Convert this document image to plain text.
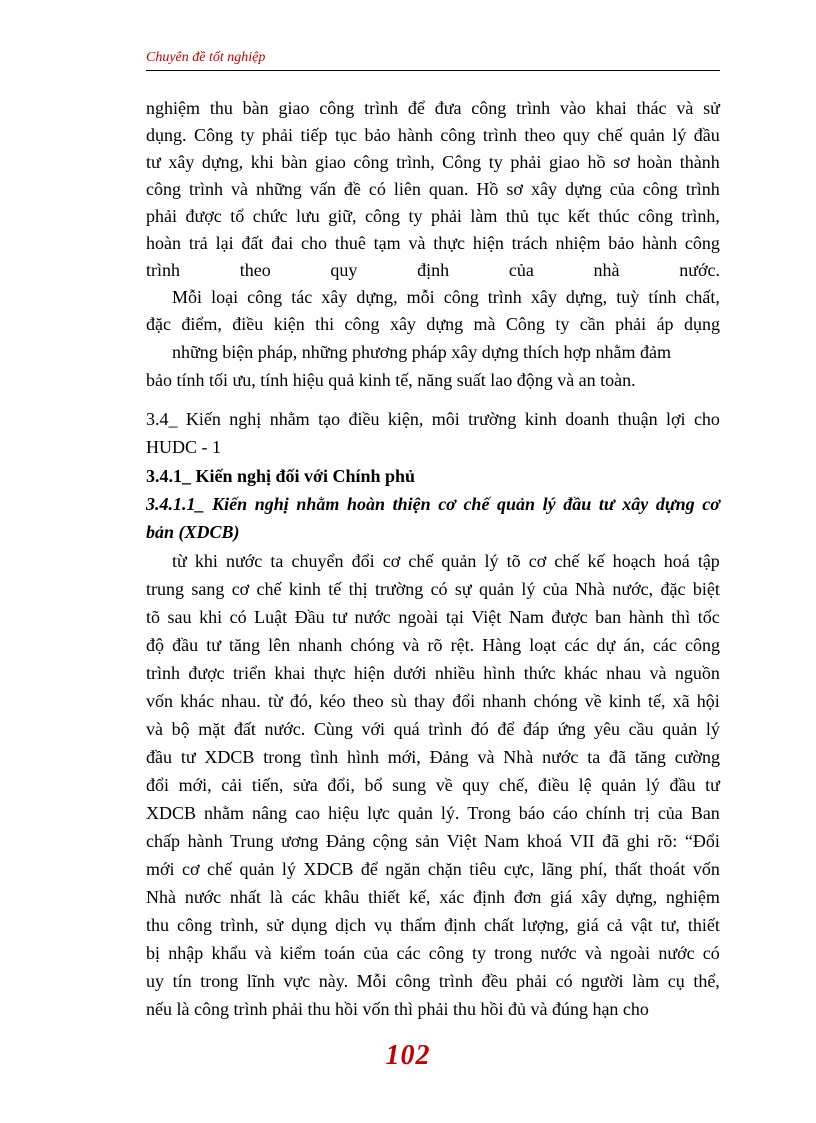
Chuyên đề tốt nghiệp
nghiệm thu bàn giao công trình để đưa công trình vào khai thác và sử
dụng. Công ty phải tiếp tục bảo hành công trình theo quy chế quản lý đầu
tư xây dựng, khi bàn giao công trình, Công ty phải giao hồ sơ hoàn thành
công trình và những vấn đề có liên quan. Hồ sơ xây dựng của công trình
phải được tổ chức lưu giữ, công ty phải làm thủ tục kết thúc công trình,
hoàn trả lại đất đai cho thuê tạm và thực hiện trách nhiệm bảo hành công
trình	theo	quy	định	của	nhà	nước.
Mỗi loại công tác xây dựng, mỗi công trình xây dựng, tuỳ tính chất,
đặc điểm, điều kiện thi công xây dựng mà Công ty cần phải áp dụng
những biện pháp, những phương pháp xây dựng thích hợp nhằm đảm
bảo tính tối ưu, tính hiệu quả kinh tế, năng suất lao động và an toàn.
3.4_ Kiến nghị nhằm tạo điều kiện, môi trường kinh doanh thuận lợi cho
HUDC - 1
3.4.1_ Kiến nghị đối với Chính phủ
3.4.1.1_ Kiến nghị nhằm hoàn thiện cơ chế quản lý đầu tư xây dựng cơ
bản (XDCB)
từ khi nước ta chuyển đổi cơ chế quản lý tõ cơ chế kế hoạch hoá tập
trung sang cơ chế kinh tế thị trường có sự quản lý của Nhà nước, đặc biệt
tõ sau khi có Luật Đầu tư nước ngoài tại Việt Nam được ban hành thì tốc
độ đầu tư tăng lên nhanh chóng và rõ rệt. Hàng loạt các dự án, các công
trình được triển khai thực hiện dưới nhiều hình thức khác nhau và nguồn
vốn khác nhau. từ đó, kéo theo sù thay đổi nhanh chóng về kinh tế, xã hội
và bộ mặt đất nước. Cùng với quá trình đó để đáp ứng yêu cầu quản lý
đầu tư XDCB trong tình hình mới, Đảng và Nhà nước ta đã tăng cường
đổi mới, cải tiến, sửa đổi, bổ sung về quy chế, điều lệ quản lý đầu tư
XDCB nhằm nâng cao hiệu lực quản lý. Trong báo cáo chính trị của Ban
chấp hành Trung ương Đảng cộng sản Việt Nam khoá VII đã ghi rõ: “Đổi
mới cơ chế quản lý XDCB để ngăn chặn tiêu cực, lãng phí, thất thoát vốn
Nhà nước nhất là các khâu thiết kế, xác định đơn giá xây dựng, nghiệm
thu công trình, sử dụng dịch vụ thẩm định chất lượng, giá cả vật tư, thiết
bị nhập khẩu và kiểm toán của các công ty trong nước và ngoài nước có
uy tín trong lĩnh vực này. Mỗi công trình đều phải có người làm cụ thể,
nếu là công trình phải thu hồi vốn thì phải thu hồi đủ và đúng hạn cho
102
